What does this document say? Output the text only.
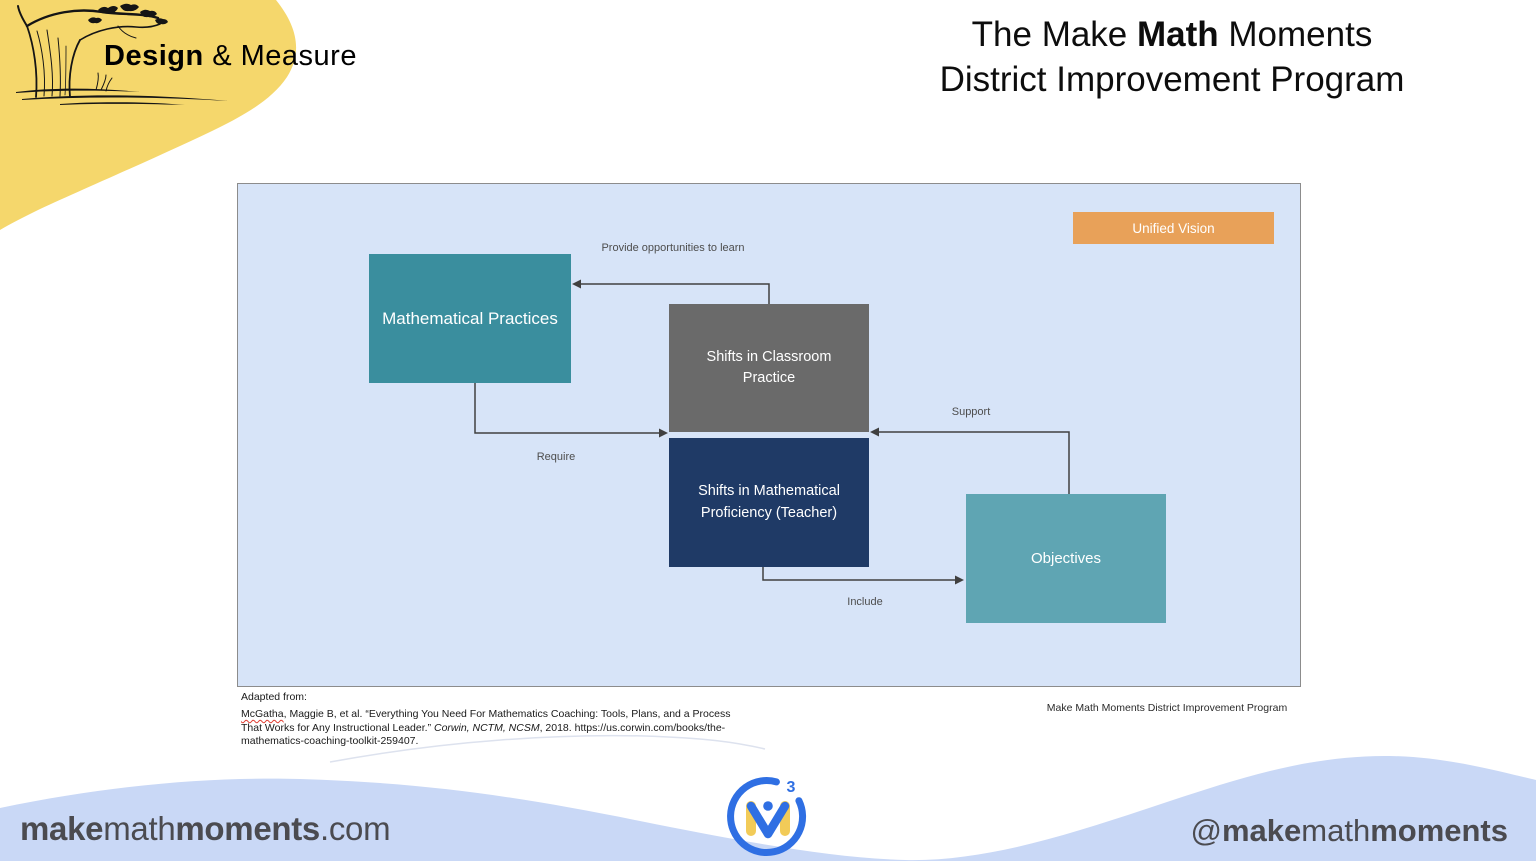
Design & Measure
The Make Math Moments
District Improvement Program
Provide opportunities to learn
Require
Support
Include
Unified Vision
Mathematical Practices
Shifts in Classroom Practice
Shifts in Mathematical Proficiency (Teacher)
Objectives
Adapted from:
McGatha, Maggie B, et al. “Everything You Need For Mathematics Coaching: Tools, Plans, and a Process
That Works for Any Instructional Leader.” Corwin, NCTM, NCSM, 2018. https://us.corwin.com/books/the-
mathematics-coaching-toolkit-259407.
Make Math Moments District Improvement Program
makemathmoments.com	@makemathmoments
3
